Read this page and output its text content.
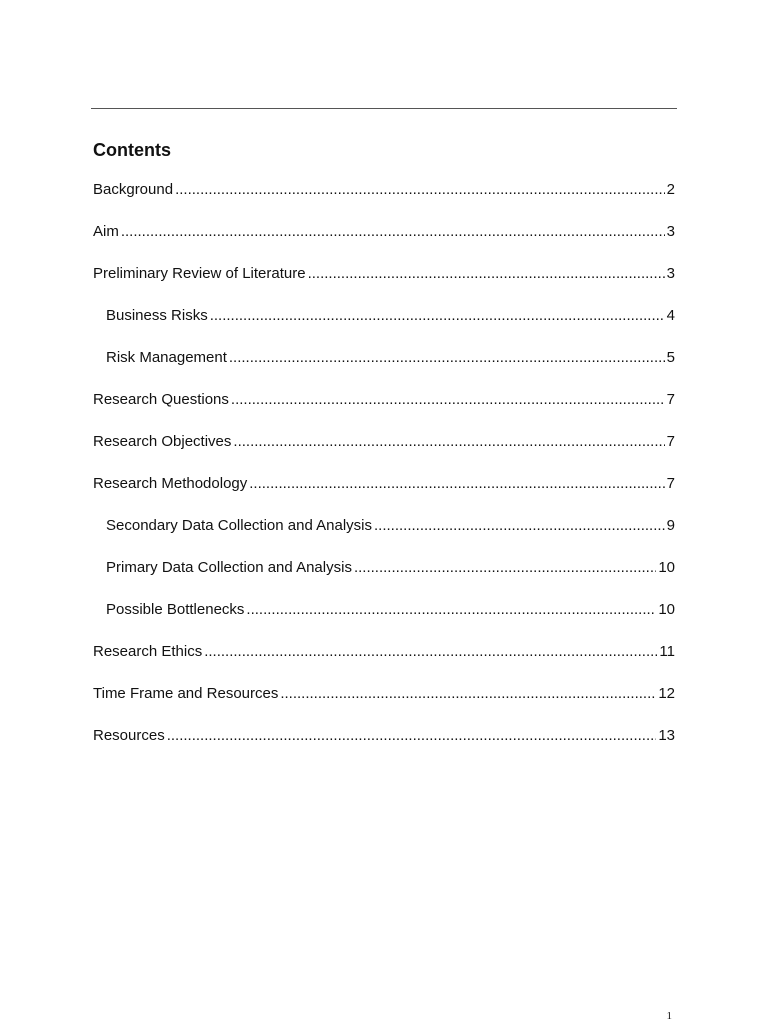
Contents
Background .....	2
Aim .....	3
Preliminary Review of Literature .....	3
Business Risks .....	4
Risk Management .....	5
Research Questions .....	7
Research Objectives .....	7
Research Methodology .....	7
Secondary Data Collection and Analysis .....	9
Primary Data Collection and Analysis .....	10
Possible Bottlenecks .....	10
Research Ethics .....	11
Time Frame and Resources .....	12
Resources .....	13
1
